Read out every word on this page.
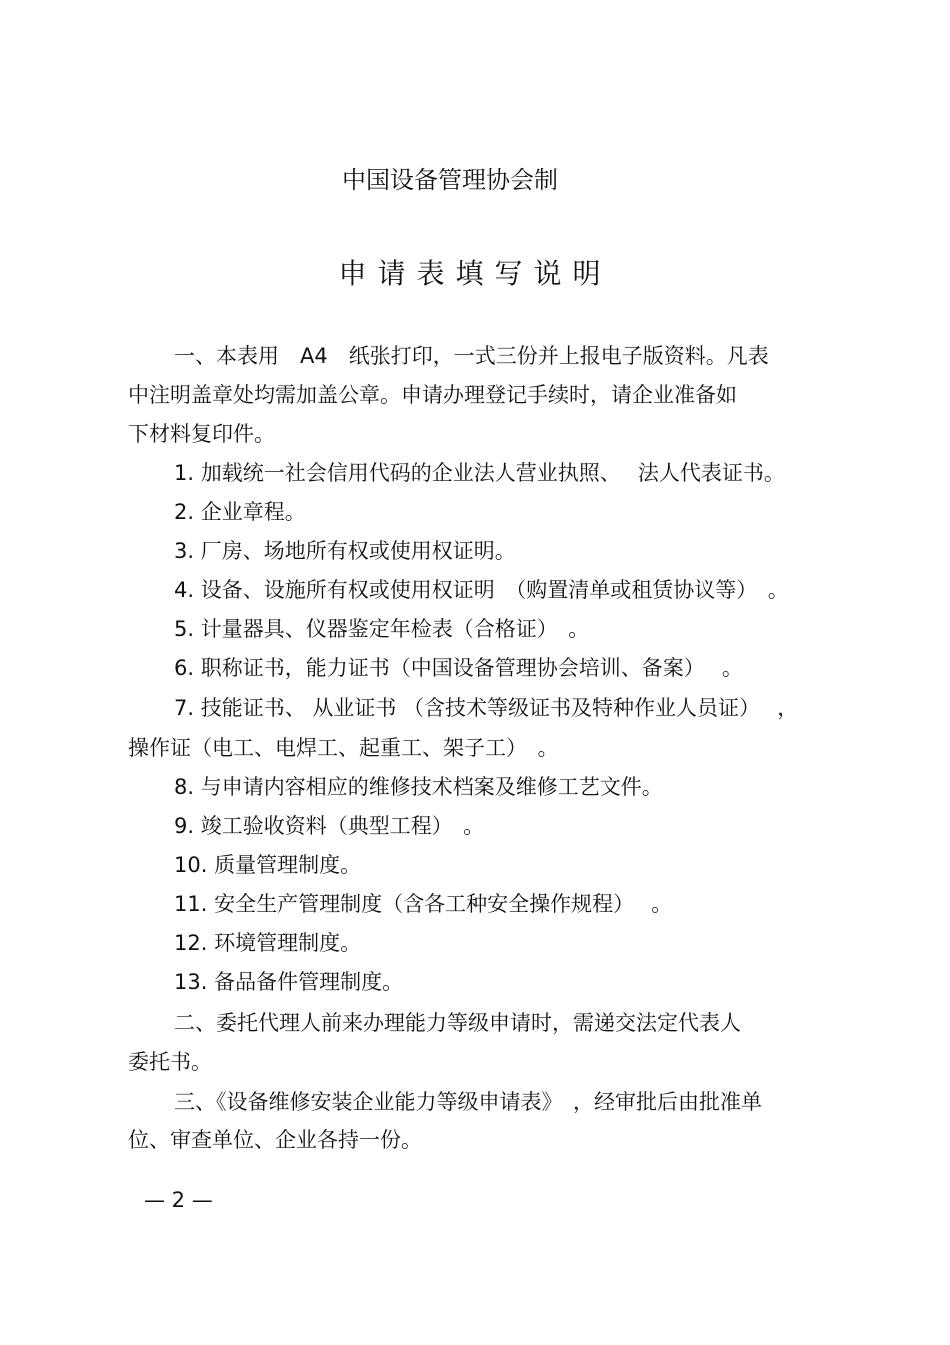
中国设备管理协会制
申请表填写说明
一、本表用　A4　纸张打印，一式三份并上报电子版资料。凡表
中注明盖章处均需加盖公章。申请办理登记手续时，请企业准备如
下材料复印件。
1. 加载统一社会信用代码的企业法人营业执照、　 法人代表证书。
2. 企业章程。
3. 厂房、场地所有权或使用权证明。
4. 设备、设施所有权或使用权证明　（购置清单或租赁协议等）　。
5. 计量器具、仪器鉴定年检表（合格证）　。
6. 职称证书，能力证书（中国设备管理协会培训、备案）　 。
7. 技能证书、 从业证书 （含技术等级证书及特种作业人员证）　 ，
操作证（电工、电焊工、起重工、架子工）　。
8. 与申请内容相应的维修技术档案及维修工艺文件。
9. 竣工验收资料（典型工程）　。
10. 质量管理制度。
11. 安全生产管理制度（含各工种安全操作规程）　 。
12. 环境管理制度。
13. 备品备件管理制度。
二、委托代理人前来办理能力等级申请时，需递交法定代表人
委托书。
三、《设备维修安装企业能力等级申请表》　，经审批后由批准单
位、审查单位、企业各持一份。
— 2 —
